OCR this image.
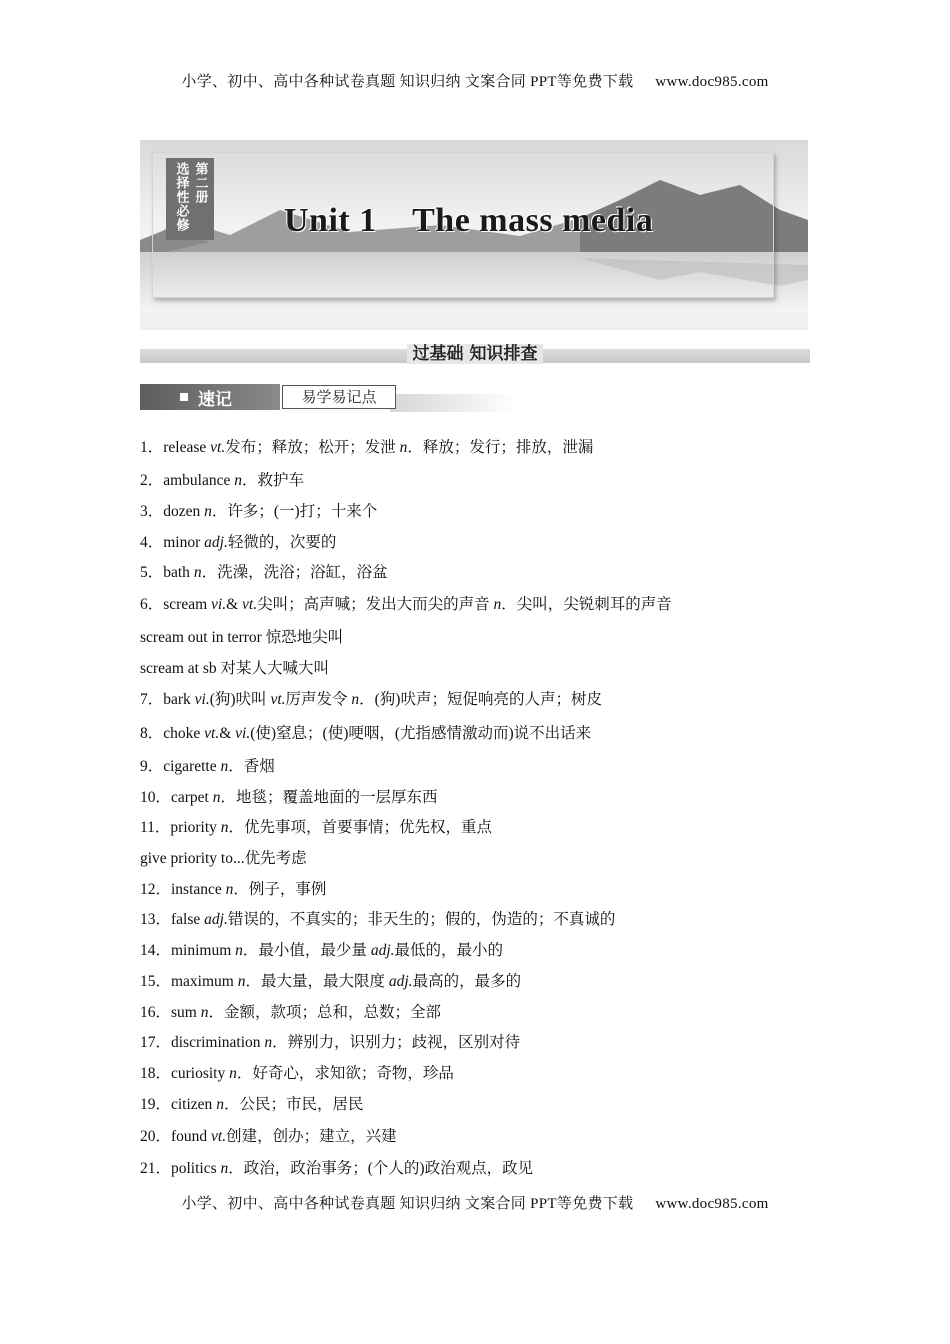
小学、初中、高中各种试卷真题 知识归纳 文案合同 PPT等免费下载 www.doc985.com
选择性必修 第二册
Unit 1    The mass media
过基础 知识排查
速记	易学易记点
1．release vt.发布；释放；松开；发泄 n．释放；发行；排放，泄漏
2．ambulance n．救护车
3．dozen n．许多；(一)打；十来个
4．minor adj.轻微的，次要的
5．bath n．洗澡，洗浴；浴缸，浴盆
6．scream vi.& vt.尖叫；高声喊；发出大而尖的声音 n．尖叫，尖锐刺耳的声音
scream out in terror 惊恐地尖叫
scream at sb 对某人大喊大叫
7．bark vi.(狗)吠叫 vt.厉声发令 n．(狗)吠声；短促响亮的人声；树皮
8．choke vt.& vi.(使)窒息；(使)哽咽，(尤指感情激动而)说不出话来
9．cigarette n．香烟
10．carpet n．地毯；覆盖地面的一层厚东西
11．priority n．优先事项，首要事情；优先权，重点
give priority to...优先考虑
12．instance n．例子，事例
13．false adj.错误的，不真实的；非天生的；假的，伪造的；不真诚的
14．minimum n．最小值，最少量 adj.最低的，最小的
15．maximum n．最大量，最大限度 adj.最高的，最多的
16．sum n．金额，款项；总和，总数；全部
17．discrimination n．辨别力，识别力；歧视，区别对待
18．curiosity n．好奇心，求知欲；奇物，珍品
19．citizen n．公民；市民，居民
20．found vt.创建，创办；建立，兴建
21．politics n．政治，政治事务；(个人的)政治观点，政见
小学、初中、高中各种试卷真题 知识归纳 文案合同 PPT等免费下载 www.doc985.com
